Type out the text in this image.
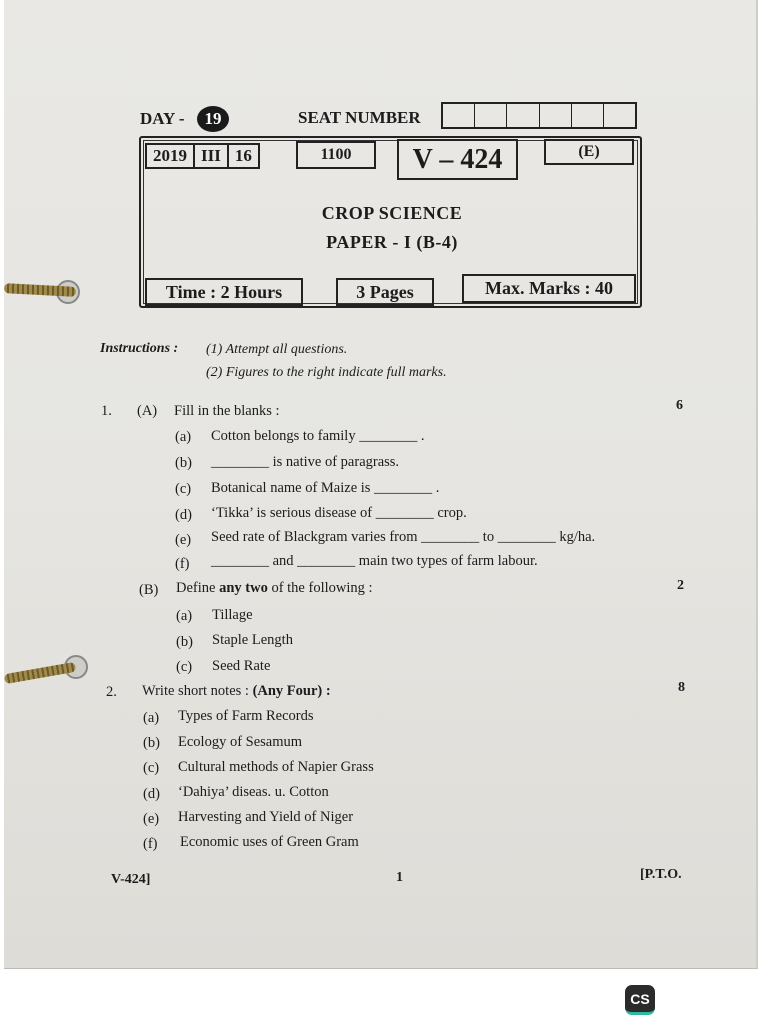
DAY -	19	SEAT NUMBER
2019 III 16	1100	V – 424	(E)
CROP SCIENCE
PAPER - I (B-4)
Time : 2 Hours	3 Pages	Max. Marks : 40
Instructions : (1) Attempt all questions.
(2) Figures to the right indicate full marks.
1. (A) Fill in the blanks :	6
(a) Cotton belongs to family ________ .
(b) ________ is native of paragrass.
(c) Botanical name of Maize is ________ .
(d) ‘Tikka’ is serious disease of ________ crop.
(e) Seed rate of Blackgram varies from ________ to ________ kg/ha.
(f) ________ and ________ main two types of farm labour.
(B) Define any two of the following :	2
(a) Tillage
(b) Staple Length
(c) Seed Rate
2. Write short notes : (Any Four) :	8
(a) Types of Farm Records
(b) Ecology of Sesamum
(c) Cultural methods of Napier Grass
(d) ‘Dahiya’ diseas. u. Cotton
(e) Harvesting and Yield of Niger
(f) Economic uses of Green Gram
V-424]	1	[P.T.O.
CS
